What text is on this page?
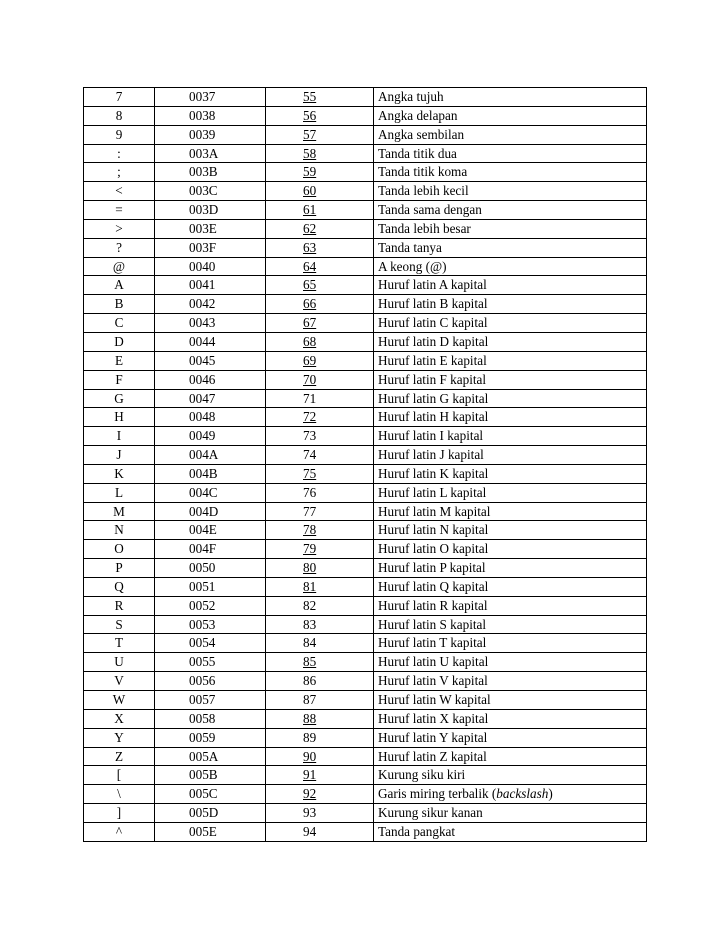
7	0037	55	Angka tujuh
8	0038	56	Angka delapan
9	0039	57	Angka sembilan
:	003A	58	Tanda titik dua
;	003B	59	Tanda titik koma
<	003C	60	Tanda lebih kecil
=	003D	61	Tanda sama dengan
>	003E	62	Tanda lebih besar
?	003F	63	Tanda tanya
@	0040	64	A keong (@)
A	0041	65	Huruf latin A kapital
B	0042	66	Huruf latin B kapital
C	0043	67	Huruf latin C kapital
D	0044	68	Huruf latin D kapital
E	0045	69	Huruf latin E kapital
F	0046	70	Huruf latin F kapital
G	0047	71	Huruf latin G kapital
H	0048	72	Huruf latin H kapital
I	0049	73	Huruf latin I kapital
J	004A	74	Huruf latin J kapital
K	004B	75	Huruf latin K kapital
L	004C	76	Huruf latin L kapital
M	004D	77	Huruf latin M kapital
N	004E	78	Huruf latin N kapital
O	004F	79	Huruf latin O kapital
P	0050	80	Huruf latin P kapital
Q	0051	81	Huruf latin Q kapital
R	0052	82	Huruf latin R kapital
S	0053	83	Huruf latin S kapital
T	0054	84	Huruf latin T kapital
U	0055	85	Huruf latin U kapital
V	0056	86	Huruf latin V kapital
W	0057	87	Huruf latin W kapital
X	0058	88	Huruf latin X kapital
Y	0059	89	Huruf latin Y kapital
Z	005A	90	Huruf latin Z kapital
[	005B	91	Kurung siku kiri
\	005C	92	Garis miring terbalik (backslash)
]	005D	93	Kurung sikur kanan
^	005E	94	Tanda pangkat
